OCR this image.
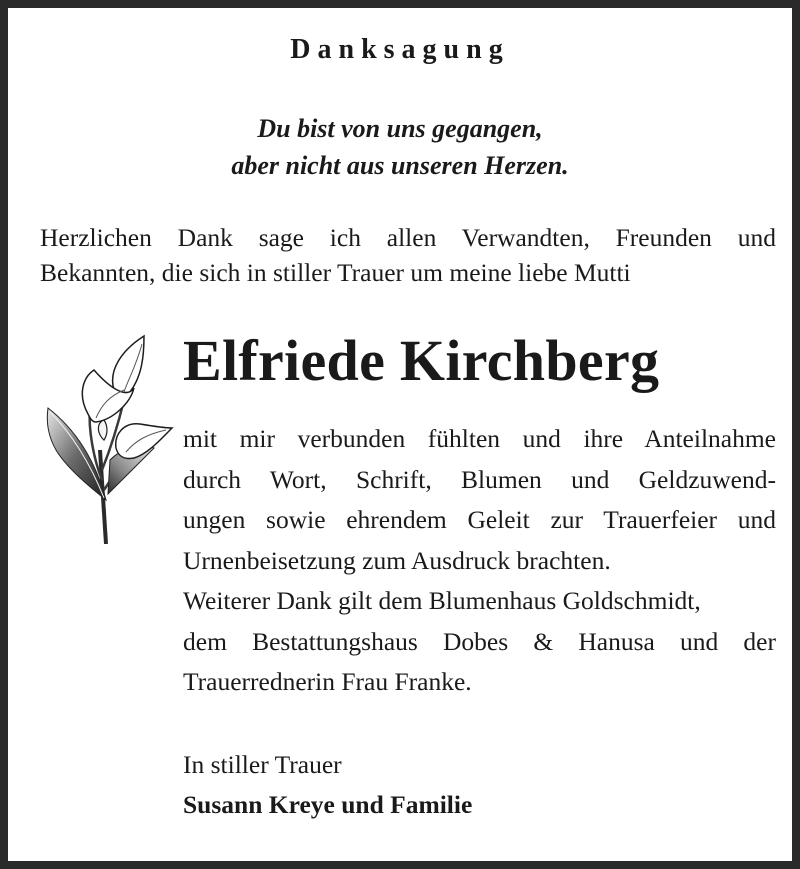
Danksagung
Du bist von uns gegangen,
aber nicht aus unseren Herzen.
Herzlichen Dank sage ich allen Verwandten, Freunden und
Bekannten, die sich in stiller Trauer um meine liebe Mutti
Elfriede Kirchberg
mit mir verbunden fühlten und ihre Anteilnahme
durch Wort, Schrift, Blumen und Geldzuwend-
ungen sowie ehrendem Geleit zur Trauerfeier und
Urnenbeisetzung zum Ausdruck brachten.
Weiterer Dank gilt dem Blumenhaus Goldschmidt,
dem Bestattungshaus Dobes & Hanusa und der
Trauerrednerin Frau Franke.
In stiller Trauer
Susann Kreye und Familie
